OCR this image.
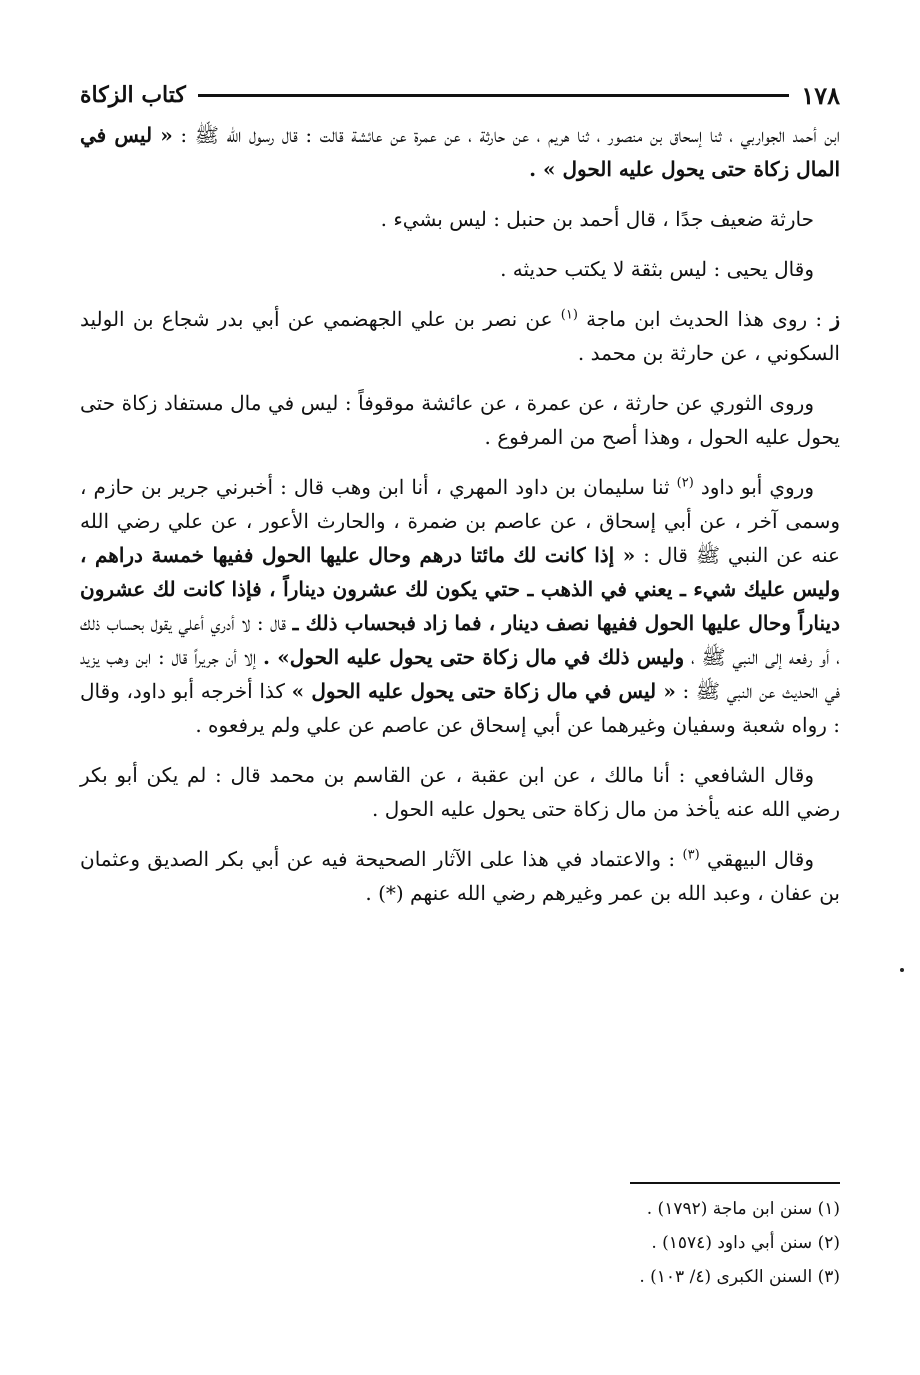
١٧٨
كتاب الزكاة

ابن أحمد الجواربي ، ثنا إسحاق بن منصور ، ثنا هريم ، عن حارثة ، عن عمرة عن عائشة قالت : قال رسول الله ﷺ : « ليس في المال زكاة حتى يحول عليه الحول » .

حارثة ضعيف جدًا ، قال أحمد بن حنبل : ليس بشيء .

وقال يحيى : ليس بثقة لا يكتب حديثه .

ز : روى هذا الحديث ابن ماجة $^{(١)}$ عن نصر بن علي الجهضمي عن أبي بدر شجاع بن الوليد السكوني ، عن حارثة بن محمد .

وروى الثوري عن حارثة ، عن عمرة ، عن عائشة موقوفاً : ليس في مال مستفاد زكاة حتى يحول عليه الحول ، وهذا أصح من المرفوع .

وروي أبو داود $^{(٢)}$ ثنا سليمان بن داود المهري ، أنا ابن وهب قال : أخبرني جرير بن حازم ، وسمى آخر ، عن أبي إسحاق ، عن عاصم بن ضمرة ، والحارث الأعور ، عن علي رضي الله عنه عن النبي ﷺ قال : « إذا كانت لك مائتا درهم وحال عليها الحول ففيها خمسة دراهم ، وليس عليك شيء ـ يعني في الذهب ـ حتي يكون لك عشرون ديناراً ، فإذا كانت لك عشرون ديناراً وحال عليها الحول ففيها نصف دينار ، فما زاد فبحساب ذلك ـ قال : لا أدري أعلي يقول بحساب ذلك ، أو رفعه إلى النبي ﷺ ، وليس ذلك في مال زكاة حتى يحول عليه الحول» . إلا أن جريراً قال : ابن وهب يزيد في الحديث عن النبي ﷺ : « ليس في مال زكاة حتى يحول عليه الحول » كذا أخرجه أبو داود، وقال : رواه شعبة وسفيان وغيرهما عن أبي إسحاق عن عاصم عن علي ولم يرفعوه .

وقال الشافعي : أنا مالك ، عن ابن عقبة ، عن القاسم بن محمد قال : لم يكن أبو بكر رضي الله عنه يأخذ من مال زكاة حتى يحول عليه الحول .

وقال البيهقي $^{(٣)}$ : والاعتماد في هذا على الآثار الصحيحة فيه عن أبي بكر الصديق وعثمان بن عفان ، وعبد الله بن عمر وغيرهم رضي الله عنهم (*) .

(١) سنن ابن ماجة (١٧٩٢) .
(٢) سنن أبي داود (١٥٧٤) .
(٣) السنن الكبرى (٤/ ١٠٣) .
